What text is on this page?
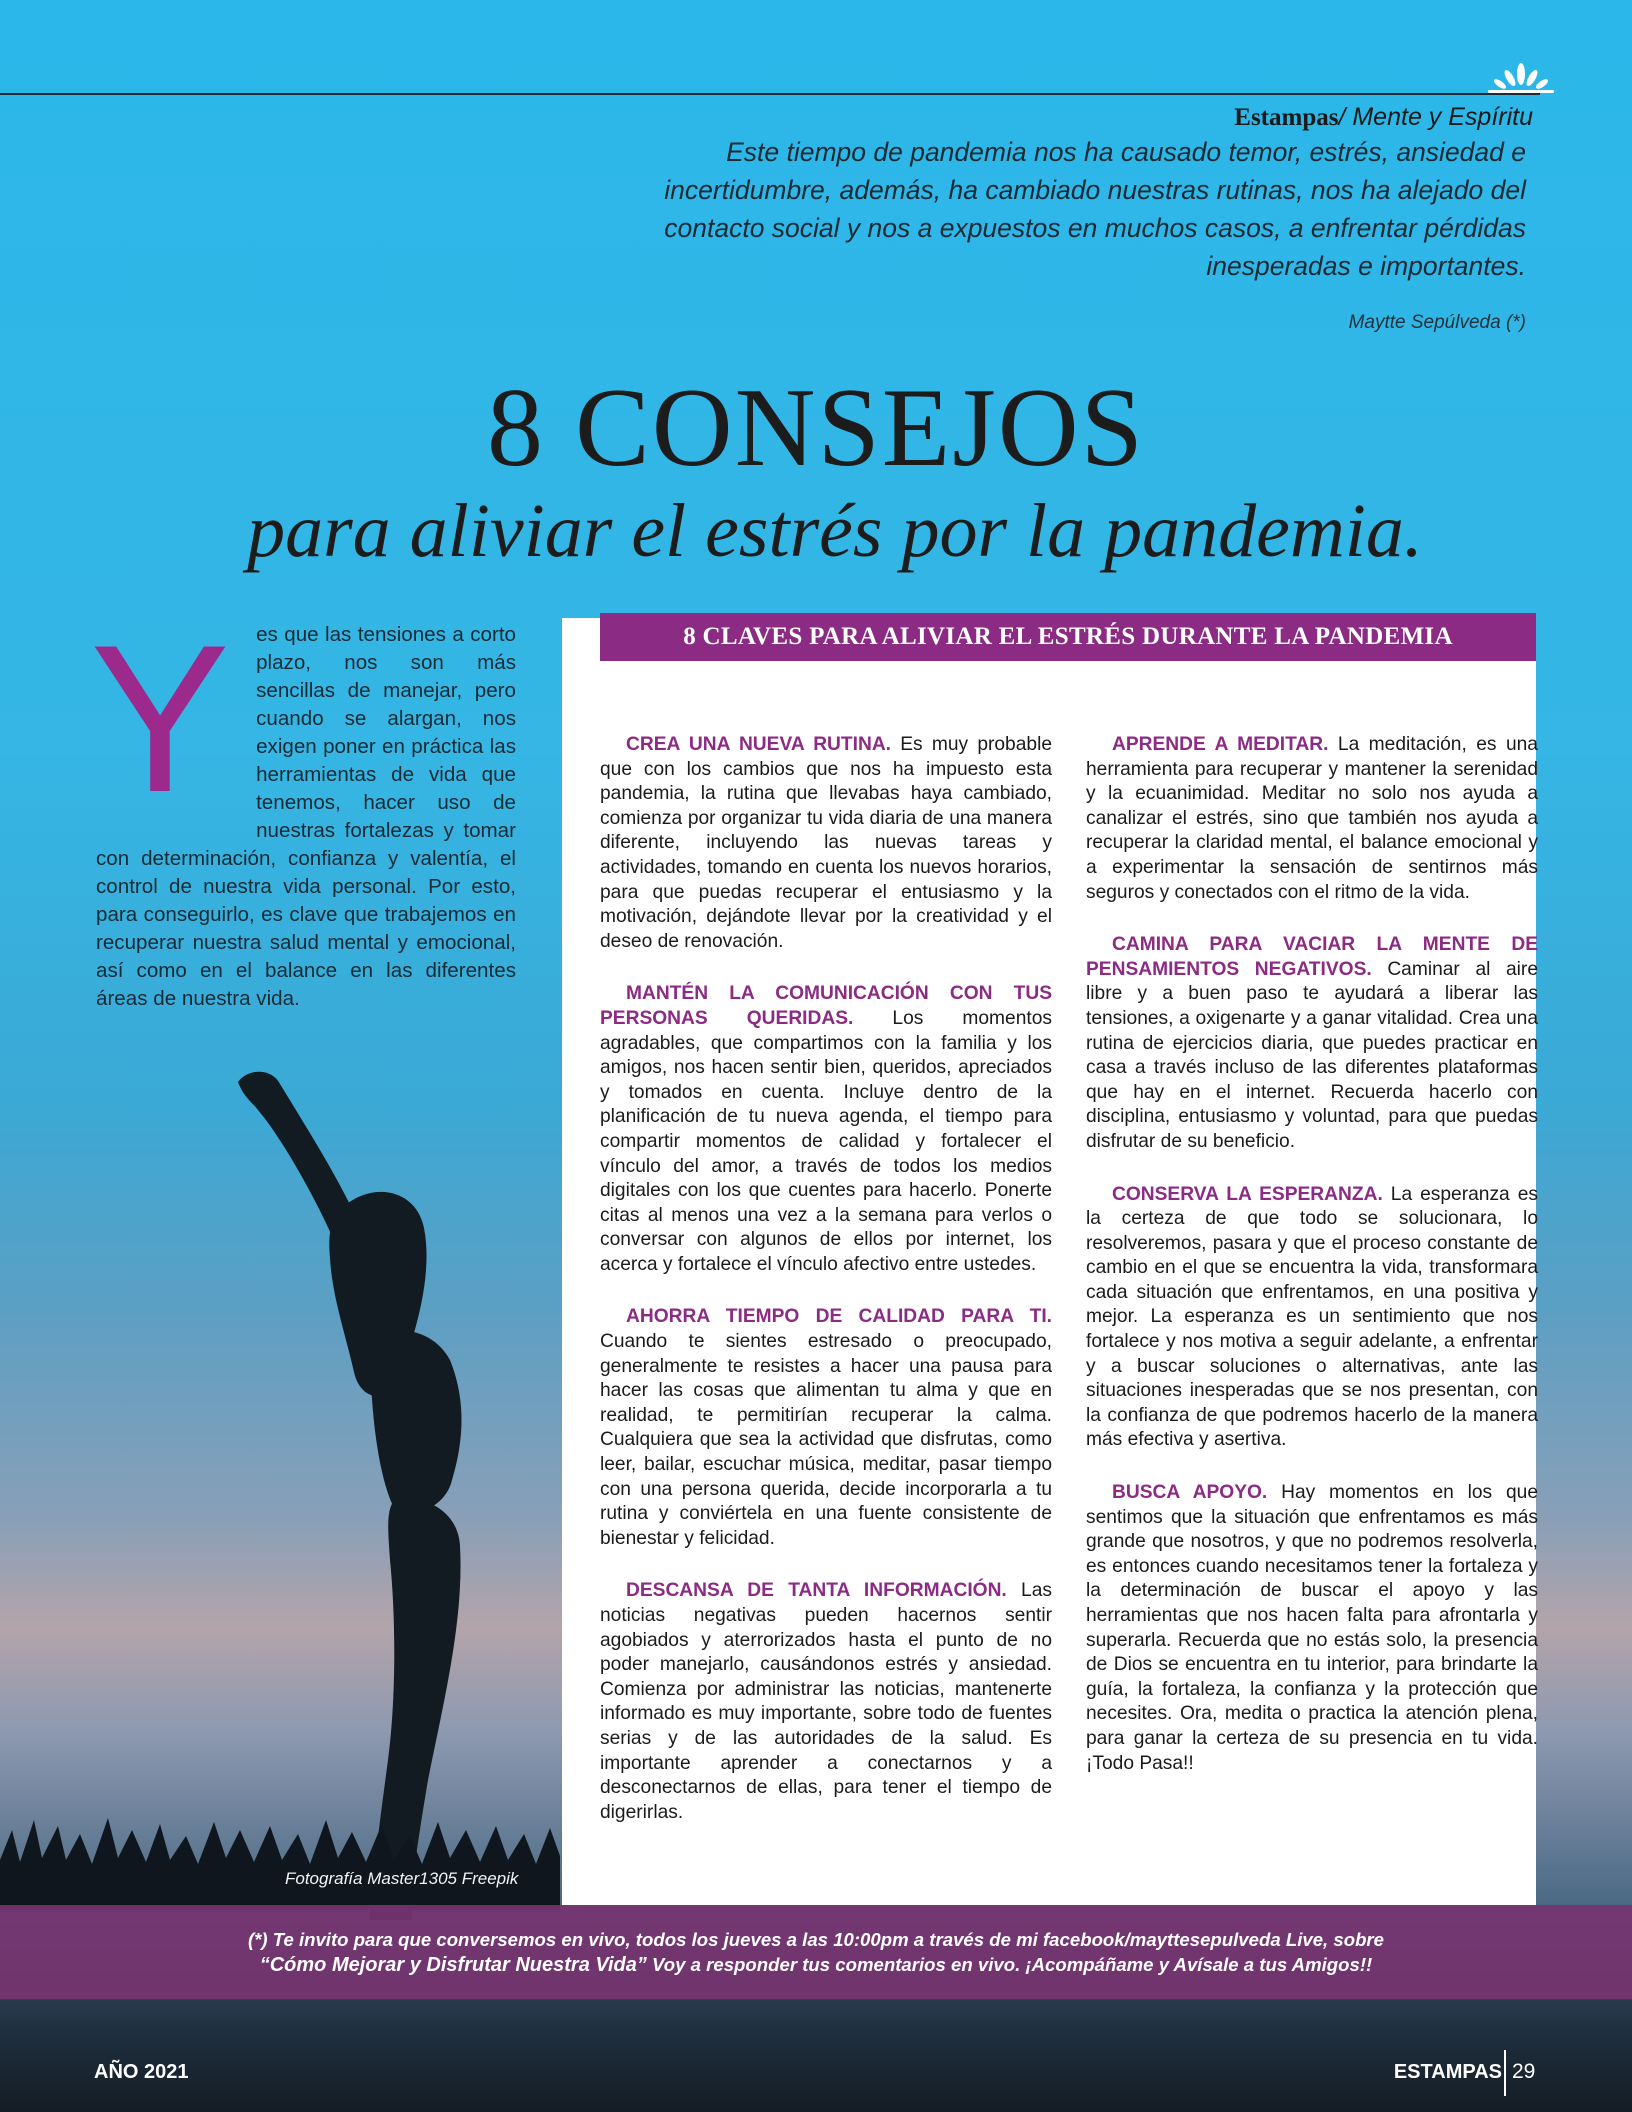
Estampas/ Mente y Espíritu
Este tiempo de pandemia nos ha causado temor, estrés, ansiedad e incertidumbre, además, ha cambiado nuestras rutinas, nos ha alejado del contacto social y nos a expuestos en muchos casos, a enfrentar pérdidas inesperadas e importantes.
Maytte Sepúlveda (*)
8 CONSEJOS
para aliviar el estrés por la pandemia.
Y es que las tensiones a corto plazo, nos son más sencillas de manejar, pero cuando se alargan, nos exigen poner en práctica las herramientas de vida que tenemos, hacer uso de nuestras fortalezas y tomar con determinación, confianza y valentía, el control de nuestra vida personal. Por esto, para conseguirlo, es clave que trabajemos en recuperar nuestra salud mental y emocional, así como en el balance en las diferentes áreas de nuestra vida.
Fotografía Master1305 Freepik
8 CLAVES PARA ALIVIAR EL ESTRÉS DURANTE LA PANDEMIA

CREA UNA NUEVA RUTINA. Es muy probable que con los cambios que nos ha impuesto esta pandemia, la rutina que llevabas haya cambiado, comienza por organizar tu vida diaria de una manera diferente, incluyendo las nuevas tareas y actividades, tomando en cuenta los nuevos horarios, para que puedas recuperar el entusiasmo y la motivación, dejándote llevar por la creatividad y el deseo de renovación.

MANTÉN LA COMUNICACIÓN CON TUS PERSONAS QUERIDAS. Los momentos agradables, que compartimos con la familia y los amigos, nos hacen sentir bien, queridos, apreciados y tomados en cuenta. Incluye dentro de la planificación de tu nueva agenda, el tiempo para compartir momentos de calidad y fortalecer el vínculo del amor, a través de todos los medios digitales con los que cuentes para hacerlo. Ponerte citas al menos una vez a la semana para verlos o conversar con algunos de ellos por internet, los acerca y fortalece el vínculo afectivo entre ustedes.

AHORRA TIEMPO DE CALIDAD PARA TI. Cuando te sientes estresado o preocupado, generalmente te resistes a hacer una pausa para hacer las cosas que alimentan tu alma y que en realidad, te permitirían recuperar la calma. Cualquiera que sea la actividad que disfrutas, como leer, bailar, escuchar música, meditar, pasar tiempo con una persona querida, decide incorporarla a tu rutina y conviértela en una fuente consistente de bienestar y felicidad.

DESCANSA DE TANTA INFORMACIÓN. Las noticias negativas pueden hacernos sentir agobiados y aterrorizados hasta el punto de no poder manejarlo, causándonos estrés y ansiedad. Comienza por administrar las noticias, mantenerte informado es muy importante, sobre todo de fuentes serias y de las autoridades de la salud. Es importante aprender a conectarnos y a desconectarnos de ellas, para tener el tiempo de digerirlas.

APRENDE A MEDITAR. La meditación, es una herramienta para recuperar y mantener la serenidad y la ecuanimidad. Meditar no solo nos ayuda a canalizar el estrés, sino que también nos ayuda a recuperar la claridad mental, el balance emocional y a experimentar la sensación de sentirnos más seguros y conectados con el ritmo de la vida.

CAMINA PARA VACIAR LA MENTE DE PENSAMIENTOS NEGATIVOS. Caminar al aire libre y a buen paso te ayudará a liberar las tensiones, a oxigenarte y a ganar vitalidad. Crea una rutina de ejercicios diaria, que puedes practicar en casa a través incluso de las diferentes plataformas que hay en el internet. Recuerda hacerlo con disciplina, entusiasmo y voluntad, para que puedas disfrutar de su beneficio.

CONSERVA LA ESPERANZA. La esperanza es la certeza de que todo se solucionara, lo resolveremos, pasara y que el proceso constante de cambio en el que se encuentra la vida, transformara cada situación que enfrentamos, en una positiva y mejor. La esperanza es un sentimiento que nos fortalece y nos motiva a seguir adelante, a enfrentar y a buscar soluciones o alternativas, ante las situaciones inesperadas que se nos presentan, con la confianza de que podremos hacerlo de la manera más efectiva y asertiva.

BUSCA APOYO. Hay momentos en los que sentimos que la situación que enfrentamos es más grande que nosotros, y que no podremos resolverla, es entonces cuando necesitamos tener la fortaleza y la determinación de buscar el apoyo y las herramientas que nos hacen falta para afrontarla y superarla. Recuerda que no estás solo, la presencia de Dios se encuentra en tu interior, para brindarte la guía, la fortaleza, la confianza y la protección que necesites. Ora, medita o practica la atención plena, para ganar la certeza de su presencia en tu vida. ¡Todo Pasa!!

(*) Te invito para que conversemos en vivo, todos los jueves a las 10:00pm a través de mi facebook/mayttesepulveda Live, sobre
“Cómo Mejorar y Disfrutar Nuestra Vida” Voy a responder tus comentarios en vivo. ¡Acompáñame y Avísale a tus Amigos!!
AÑO 2021	ESTAMPAS 29
